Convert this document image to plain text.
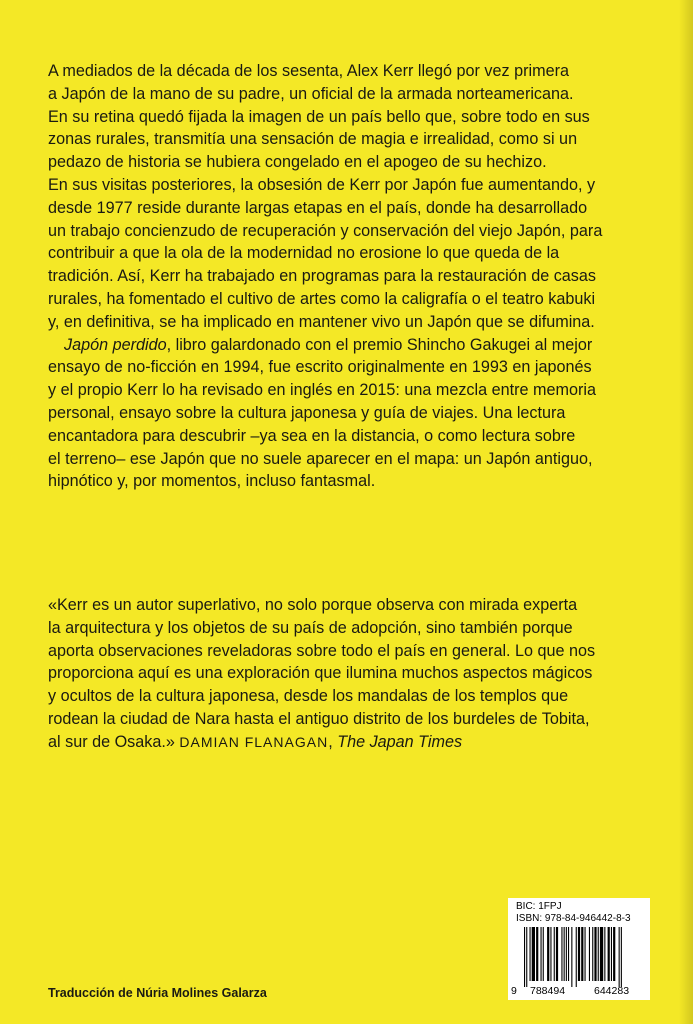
A mediados de la década de los sesenta, Alex Kerr llegó por vez primera
a Japón de la mano de su padre, un oficial de la armada norteamericana.
En su retina quedó fijada la imagen de un país bello que, sobre todo en sus
zonas rurales, transmitía una sensación de magia e irrealidad, como si un
pedazo de historia se hubiera congelado en el apogeo de su hechizo.

En sus visitas posteriores, la obsesión de Kerr por Japón fue aumentando, y
desde 1977 reside durante largas etapas en el país, donde ha desarrollado
un trabajo concienzudo de recuperación y conservación del viejo Japón, para
contribuir a que la ola de la modernidad no erosione lo que queda de la
tradición. Así, Kerr ha trabajado en programas para la restauración de casas
rurales, ha fomentado el cultivo de artes como la caligrafía o el teatro kabuki
y, en definitiva, se ha implicado en mantener vivo un Japón que se difumina.

Japón perdido, libro galardonado con el premio Shincho Gakugei al mejor
ensayo de no-ficción en 1994, fue escrito originalmente en 1993 en japonés
y el propio Kerr lo ha revisado en inglés en 2015: una mezcla entre memoria
personal, ensayo sobre la cultura japonesa y guía de viajes. Una lectura
encantadora para descubrir –ya sea en la distancia, o como lectura sobre
el terreno– ese Japón que no suele aparecer en el mapa: un Japón antiguo,
hipnótico y, por momentos, incluso fantasmal.

«Kerr es un autor superlativo, no solo porque observa con mirada experta
la arquitectura y los objetos de su país de adopción, sino también porque
aporta observaciones reveladoras sobre todo el país en general. Lo que nos
proporciona aquí es una exploración que ilumina muchos aspectos mágicos
y ocultos de la cultura japonesa, desde los mandalas de los templos que
rodean la ciudad de Nara hasta el antiguo distrito de los burdeles de Tobita,
al sur de Osaka.» DAMIAN FLANAGAN, The Japan Times

Traducción de Núria Molines Galarza
BIC: 1FPJ
ISBN: 978-84-946442-8-3
9 788494	644283
